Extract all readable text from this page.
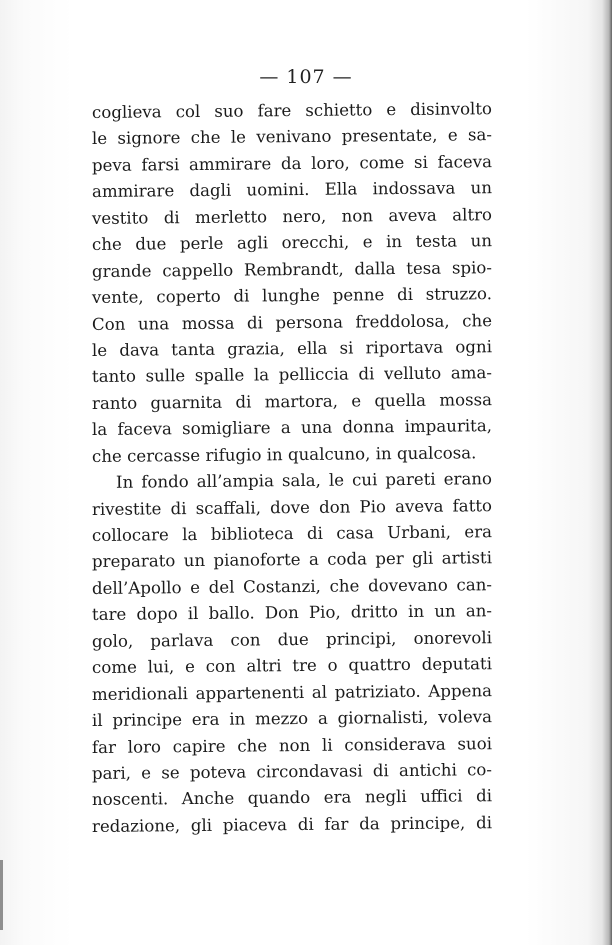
— 107 —
coglieva col suo fare schietto e disinvolto
le signore che le venivano presentate, e sa-
peva farsi ammirare da loro, come si faceva
ammirare dagli uomini. Ella indossava un
vestito di merletto nero, non aveva altro
che due perle agli orecchi, e in testa un
grande cappello Rembrandt, dalla tesa spio-
vente, coperto di lunghe penne di struzzo.
Con una mossa di persona freddolosa, che
le dava tanta grazia, ella si riportava ogni
tanto sulle spalle la pelliccia di velluto ama-
ranto guarnita di martora, e quella mossa
la faceva somigliare a una donna impaurita,
che cercasse rifugio in qualcuno, in qualcosa.
In fondo all’ampia sala, le cui pareti erano
rivestite di scaffali, dove don Pio aveva fatto
collocare la biblioteca di casa Urbani, era
preparato un pianoforte a coda per gli artisti
dell’Apollo e del Costanzi, che dovevano can-
tare dopo il ballo. Don Pio, dritto in un an-
golo, parlava con due principi, onorevoli
come lui, e con altri tre o quattro deputati
meridionali appartenenti al patriziato. Appena
il principe era in mezzo a giornalisti, voleva
far loro capire che non li considerava suoi
pari, e se poteva circondavasi di antichi co-
noscenti. Anche quando era negli uffici di
redazione, gli piaceva di far da principe, di
